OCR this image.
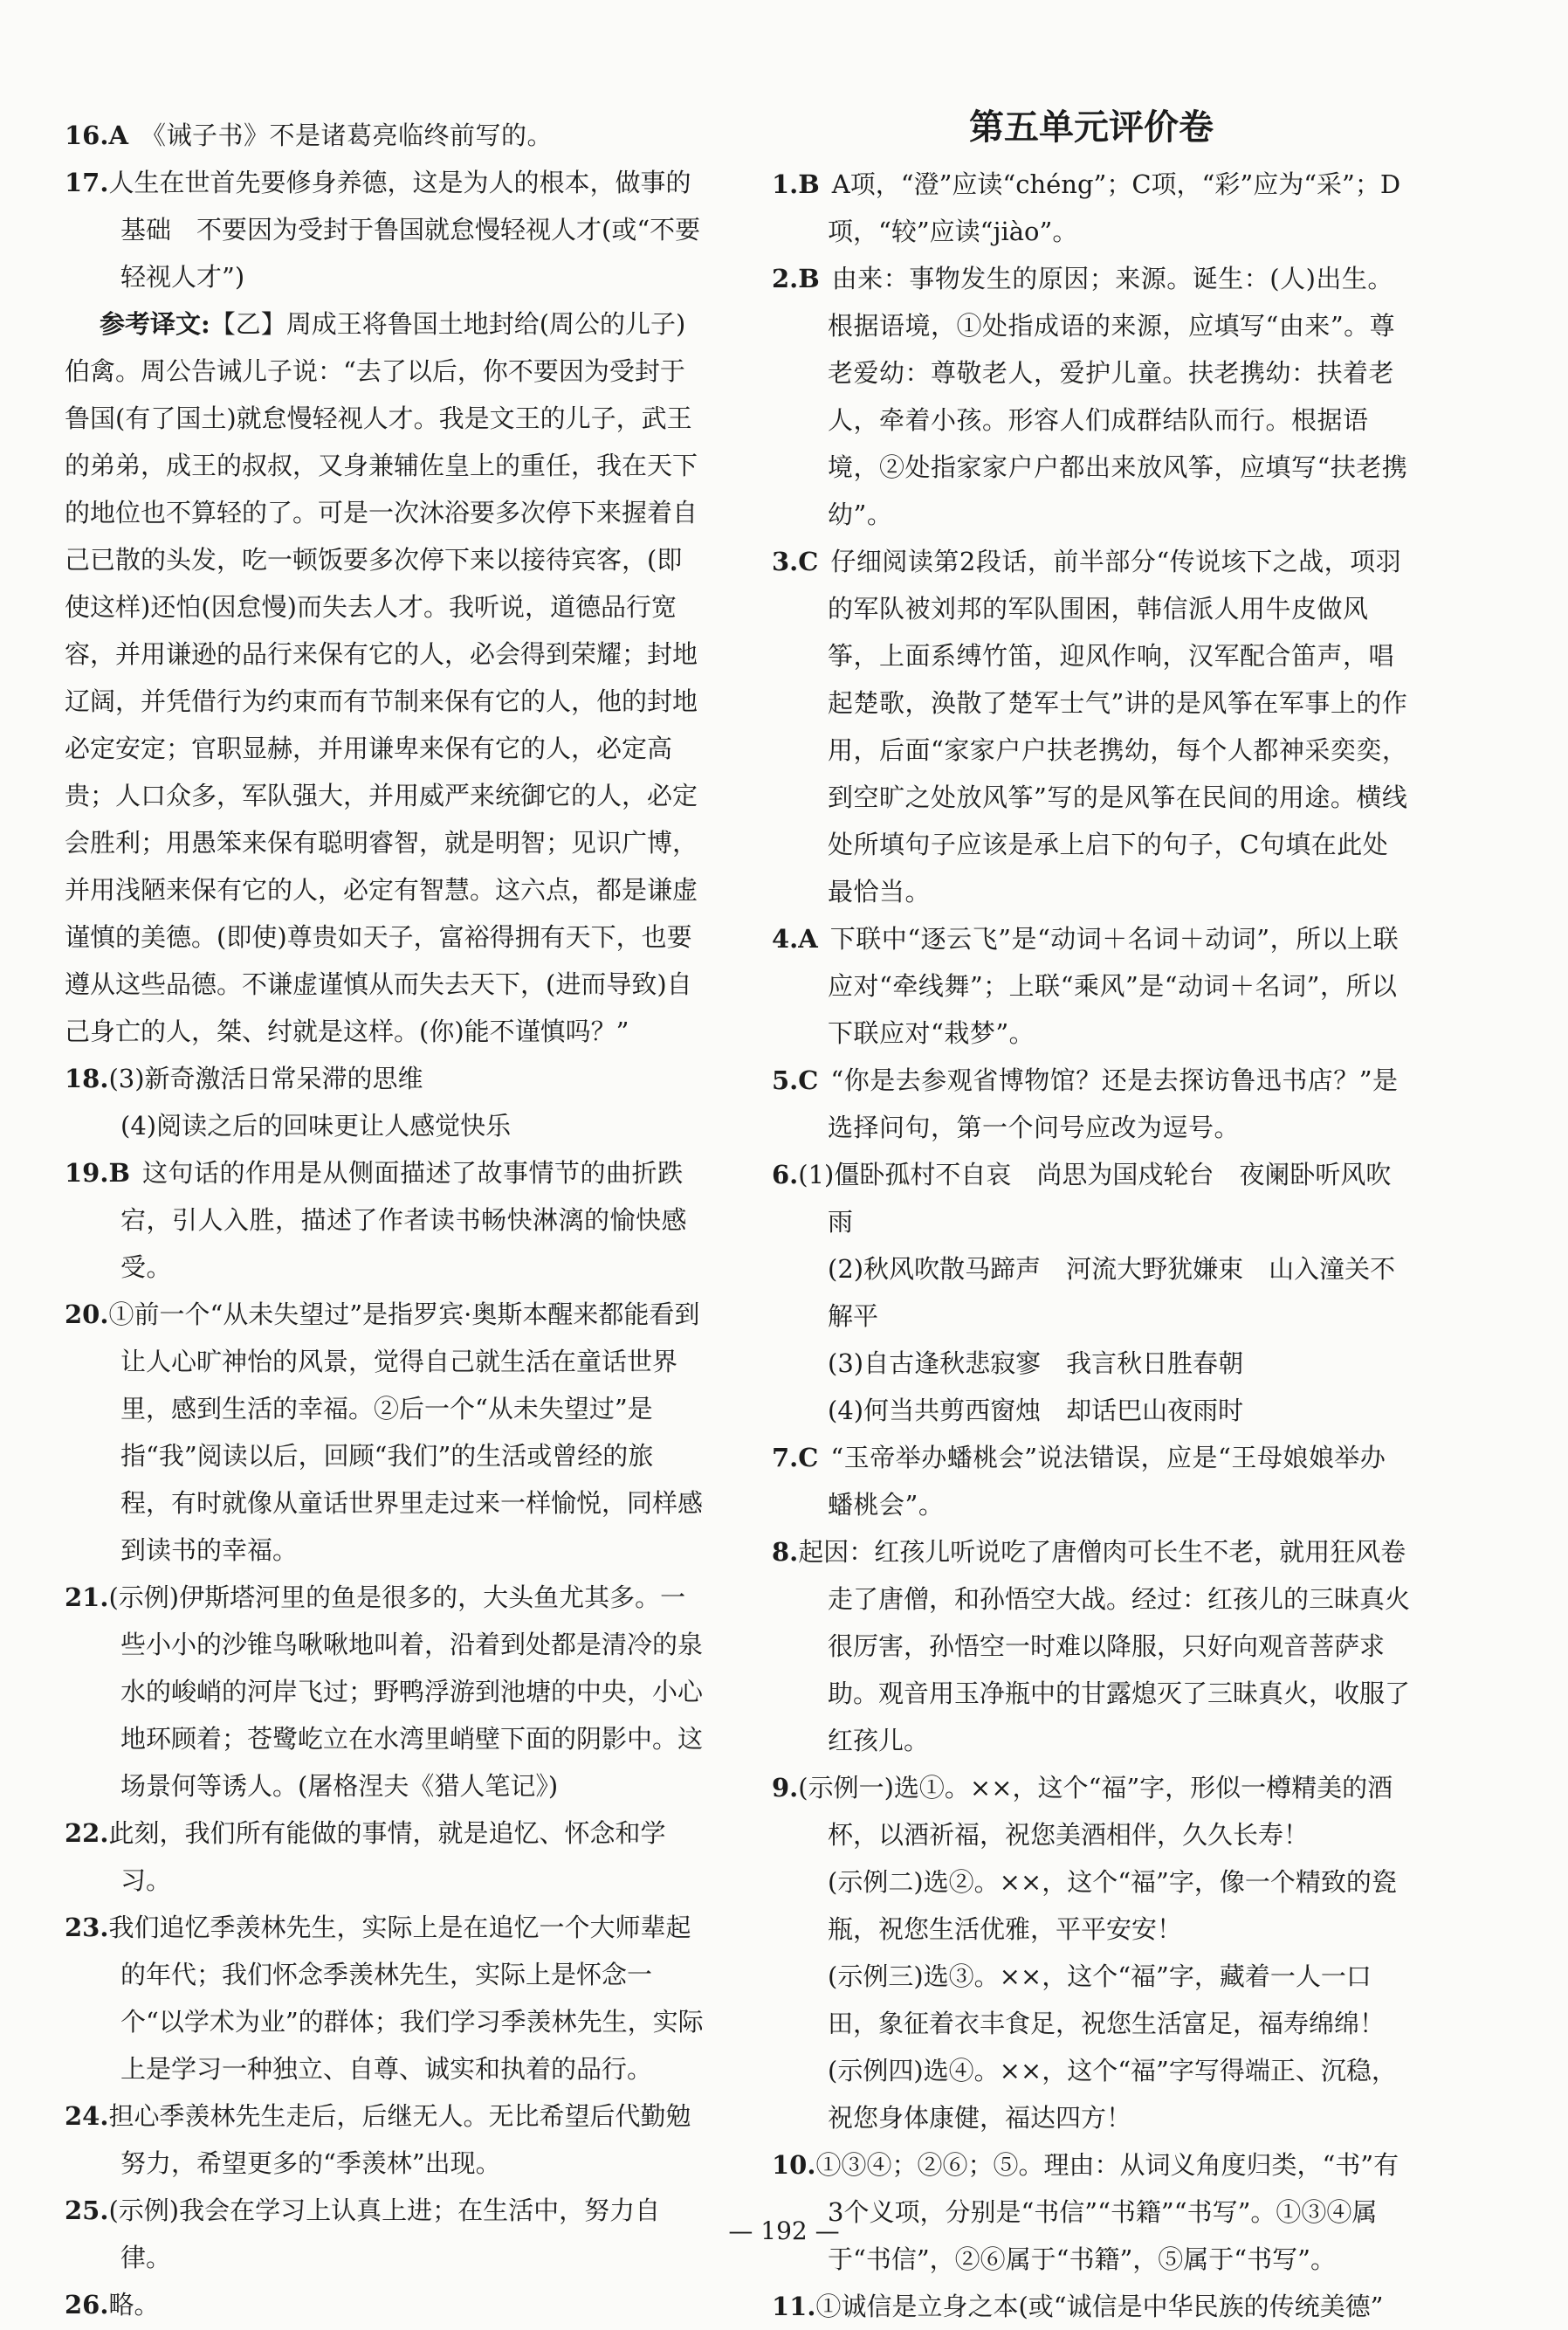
16.A 《诫子书》不是诸葛亮临终前写的。

17.人生在世首先要修身养德，这是为人的根本，做事的基础　不要因为受封于鲁国就怠慢轻视人才(或“不要轻视人才”)

参考译文:【乙】周成王将鲁国土地封给(周公的儿子)伯禽。周公告诫儿子说：“去了以后，你不要因为受封于鲁国(有了国土)就怠慢轻视人才。我是文王的儿子，武王的弟弟，成王的叔叔，又身兼辅佐皇上的重任，我在天下的地位也不算轻的了。可是一次沐浴要多次停下来握着自己已散的头发，吃一顿饭要多次停下来以接待宾客，(即使这样)还怕(因怠慢)而失去人才。我听说，道德品行宽容，并用谦逊的品行来保有它的人，必会得到荣耀；封地辽阔，并凭借行为约束而有节制来保有它的人，他的封地必定安定；官职显赫，并用谦卑来保有它的人，必定高贵；人口众多，军队强大，并用威严来统御它的人，必定会胜利；用愚笨来保有聪明睿智，就是明智；见识广博，并用浅陋来保有它的人，必定有智慧。这六点，都是谦虚谨慎的美德。(即使)尊贵如天子，富裕得拥有天下，也要遵从这些品德。不谦虚谨慎从而失去天下，(进而导致)自己身亡的人，桀、纣就是这样。(你)能不谨慎吗？”

18.(3)新奇激活日常呆滞的思维

(4)阅读之后的回味更让人感觉快乐

19.B 这句话的作用是从侧面描述了故事情节的曲折跌宕，引人入胜，描述了作者读书畅快淋漓的愉快感受。

20.①前一个“从未失望过”是指罗宾·奥斯本醒来都能看到让人心旷神怡的风景，觉得自己就生活在童话世界里，感到生活的幸福。②后一个“从未失望过”是指“我”阅读以后，回顾“我们”的生活或曾经的旅程，有时就像从童话世界里走过来一样愉悦，同样感到读书的幸福。

21.(示例)伊斯塔河里的鱼是很多的，大头鱼尤其多。一些小小的沙锥鸟啾啾地叫着，沿着到处都是清冷的泉水的峻峭的河岸飞过；野鸭浮游到池塘的中央，小心地环顾着；苍鹭屹立在水湾里峭壁下面的阴影中。这场景何等诱人。(屠格涅夫《猎人笔记》)

22.此刻，我们所有能做的事情，就是追忆、怀念和学习。

23.我们追忆季羡林先生，实际上是在追忆一个大师辈起的年代；我们怀念季羡林先生，实际上是怀念一个“以学术为业”的群体；我们学习季羡林先生，实际上是学习一种独立、自尊、诚实和执着的品行。

24.担心季羡林先生走后，后继无人。无比希望后代勤勉努力，希望更多的“季羡林”出现。

25.(示例)我会在学习上认真上进；在生活中，努力自律。

26.略。

第五单元评价卷

1.B A项，“澄”应读“chéng”；C项，“彩”应为“采”；D项，“较”应读“jiào”。

2.B 由来：事物发生的原因；来源。诞生：(人)出生。根据语境，①处指成语的来源，应填写“由来”。尊老爱幼：尊敬老人，爱护儿童。扶老携幼：扶着老人，牵着小孩。形容人们成群结队而行。根据语境，②处指家家户户都出来放风筝，应填写“扶老携幼”。

3.C 仔细阅读第2段话，前半部分“传说垓下之战，项羽的军队被刘邦的军队围困，韩信派人用牛皮做风筝，上面系缚竹笛，迎风作响，汉军配合笛声，唱起楚歌，涣散了楚军士气”讲的是风筝在军事上的作用，后面“家家户户扶老携幼，每个人都神采奕奕，到空旷之处放风筝”写的是风筝在民间的用途。横线处所填句子应该是承上启下的句子，C句填在此处最恰当。

4.A 下联中“逐云飞”是“动词＋名词＋动词”，所以上联应对“牵线舞”；上联“乘风”是“动词＋名词”，所以下联应对“栽梦”。

5.C “你是去参观省博物馆？还是去探访鲁迅书店？”是选择问句，第一个问号应改为逗号。

6.(1)僵卧孤村不自哀　尚思为国戍轮台　夜阑卧听风吹雨

(2)秋风吹散马蹄声　河流大野犹嫌束　山入潼关不解平
(3)自古逢秋悲寂寥　我言秋日胜春朝
(4)何当共剪西窗烛　却话巴山夜雨时

7.C “玉帝举办蟠桃会”说法错误，应是“王母娘娘举办蟠桃会”。

8.起因：红孩儿听说吃了唐僧肉可长生不老，就用狂风卷走了唐僧，和孙悟空大战。经过：红孩儿的三昧真火很厉害，孙悟空一时难以降服，只好向观音菩萨求助。观音用玉净瓶中的甘露熄灭了三昧真火，收服了红孩儿。

9.(示例一)选①。××，这个“福”字，形似一樽精美的酒杯，以酒祈福，祝您美酒相伴，久久长寿！

(示例二)选②。××，这个“福”字，像一个精致的瓷瓶，祝您生活优雅，平平安安！
(示例三)选③。××，这个“福”字，藏着一人一口田，象征着衣丰食足，祝您生活富足，福寿绵绵！
(示例四)选④。××，这个“福”字写得端正、沉稳，祝您身体康健，福达四方！

10.①③④；②⑥；⑤。理由：从词义角度归类，“书”有3个义项，分别是“书信”“书籍”“书写”。①③④属于“书信”，②⑥属于“书籍”，⑤属于“书写”。

11.①诚信是立身之本(或“诚信是中华民族的传统美德”

— 192 —
